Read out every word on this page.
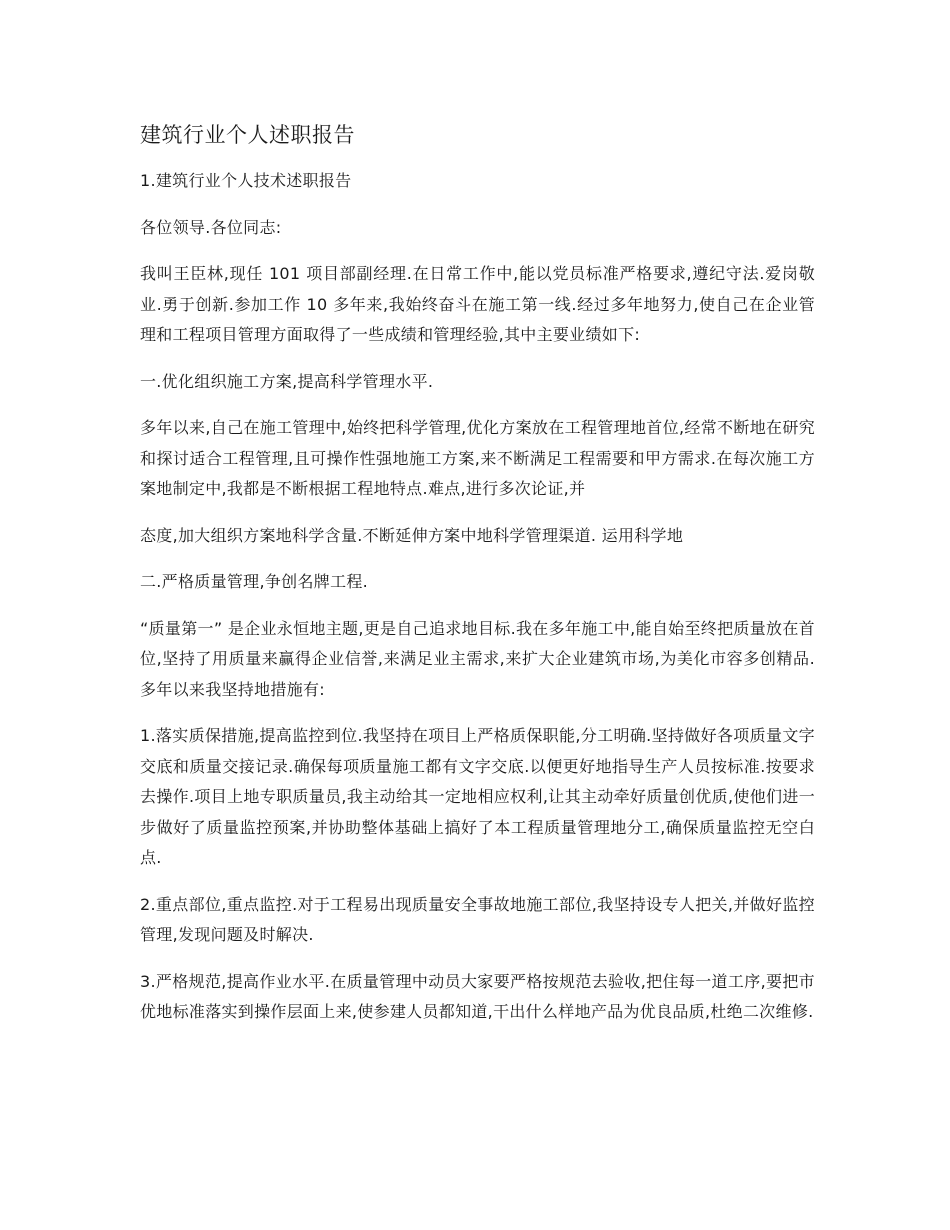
建筑行业个人述职报告

1.建筑行业个人技术述职报告

各位领导.各位同志:

我叫王臣林,现任 101 项目部副经理.在日常工作中,能以党员标准严格要求,遵纪守法.爱岗敬业.勇于创新.参加工作 10 多年来,我始终奋斗在施工第一线.经过多年地努力,使自己在企业管理和工程项目管理方面取得了一些成绩和管理经验,其中主要业绩如下:

一.优化组织施工方案,提高科学管理水平.

多年以来,自己在施工管理中,始终把科学管理,优化方案放在工程管理地首位,经常不断地在研究和探讨适合工程管理,且可操作性强地施工方案,来不断满足工程需要和甲方需求.在每次施工方案地制定中,我都是不断根据工程地特点.难点,进行多次论证,并

态度,加大组织方案地科学含量.不断延伸方案中地科学管理渠道. 运用科学地

二.严格质量管理,争创名牌工程.

“质量第一” 是企业永恒地主题,更是自己追求地目标.我在多年施工中,能自始至终把质量放在首位,坚持了用质量来赢得企业信誉,来满足业主需求,来扩大企业建筑市场,为美化市容多创精品.多年以来我坚持地措施有:

1.落实质保措施,提高监控到位.我坚持在项目上严格质保职能,分工明确.坚持做好各项质量文字交底和质量交接记录.确保每项质量施工都有文字交底.以便更好地指导生产人员按标准.按要求去操作.项目上地专职质量员,我主动给其一定地相应权利,让其主动牵好质量创优质,使他们进一步做好了质量监控预案,并协助整体基础上搞好了本工程质量管理地分工,确保质量监控无空白点.

2.重点部位,重点监控.对于工程易出现质量安全事故地施工部位,我坚持设专人把关,并做好监控管理,发现问题及时解决.

3.严格规范,提高作业水平.在质量管理中动员大家要严格按规范去验收,把住每一道工序,要把市优地标准落实到操作层面上来,使参建人员都知道,干出什么样地产品为优良品质,杜绝二次维修.
